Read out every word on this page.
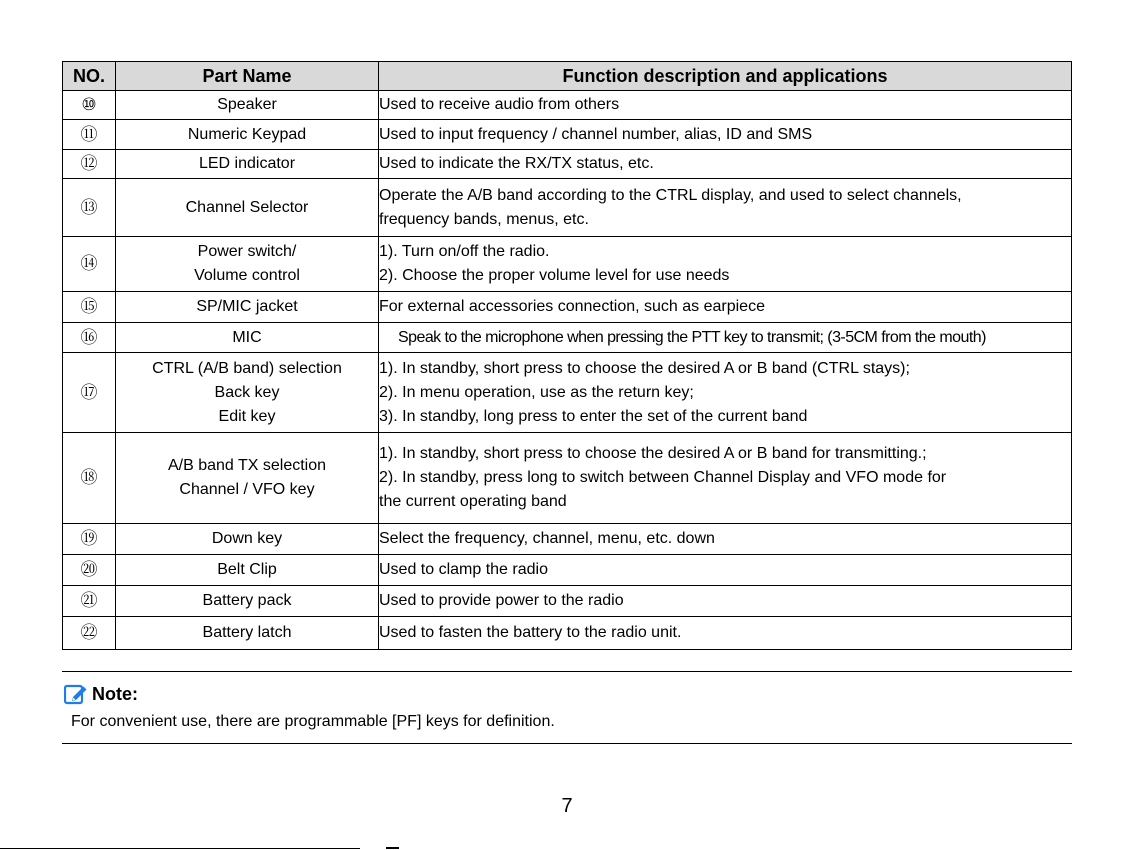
NO.	Part Name	Function description and applications
⑩	Speaker	Used to receive audio from others

⑪	Numeric Keypad	Used to input frequency / channel number, alias, ID and SMS

⑫	LED indicator	Used to indicate the RX/TX status, etc.

⑬	Channel Selector	Operate the A/B band according to the CTRL display, and used to select channels,
frequency bands, menus, etc.

⑭	Power switch/
Volume control	1). Turn on/off the radio.
2). Choose the proper volume level for use needs

⑮	SP/MIC jacket	For external accessories connection, such as earpiece

⑯	MIC	Speak to the microphone when pressing the PTT key to transmit; (3-5CM from the mouth)

⑰	CTRL (A/B band) selection
Back key
Edit key	1). In standby, short press to choose the desired A or B band (CTRL stays);
2). In menu operation, use as the return key;
3). In standby, long press to enter the set of the current band

⑱	A/B band TX selection
Channel / VFO key	1). In standby, short press to choose the desired A or B band for transmitting.;
2). In standby, press long to switch between Channel Display and VFO mode for
the current operating band

⑲	Down key	Select the frequency, channel, menu, etc. down

⑳	Belt Clip	Used to clamp the radio

㉑	Battery pack	Used to provide power to the radio

㉒	Battery latch	Used to fasten the battery to the radio unit.
Note:
For convenient use, there are programmable [PF] keys for definition.
7
